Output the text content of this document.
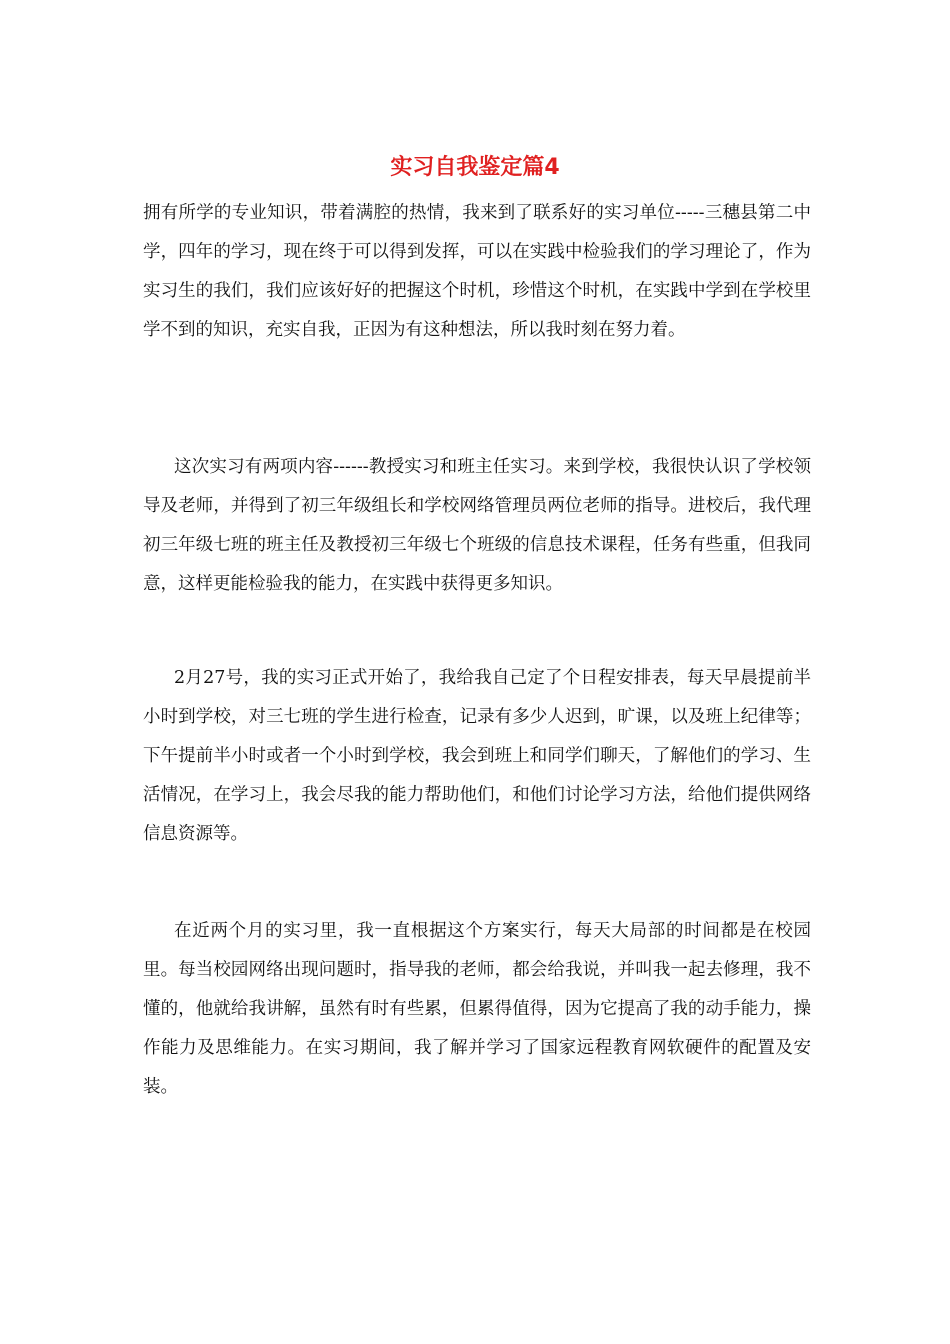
实习自我鉴定篇4

拥有所学的专业知识，带着满腔的热情，我来到了联系好的实习单位-----三穗县第二中学，四年的学习，现在终于可以得到发挥，可以在实践中检验我们的学习理论了，作为实习生的我们，我们应该好好的把握这个时机，珍惜这个时机，在实践中学到在学校里学不到的知识，充实自我，正因为有这种想法，所以我时刻在努力着。

这次实习有两项内容------教授实习和班主任实习。来到学校，我很快认识了学校领导及老师，并得到了初三年级组长和学校网络管理员两位老师的指导。进校后，我代理初三年级七班的班主任及教授初三年级七个班级的信息技术课程，任务有些重，但我同意，这样更能检验我的能力，在实践中获得更多知识。

2月27号，我的实习正式开始了，我给我自己定了个日程安排表，每天早晨提前半小时到学校，对三七班的学生进行检查，记录有多少人迟到，旷课，以及班上纪律等；下午提前半小时或者一个小时到学校，我会到班上和同学们聊天，了解他们的学习、生活情况，在学习上，我会尽我的能力帮助他们，和他们讨论学习方法，给他们提供网络信息资源等。

在近两个月的实习里，我一直根据这个方案实行，每天大局部的时间都是在校园里。每当校园网络出现问题时，指导我的老师，都会给我说，并叫我一起去修理，我不懂的，他就给我讲解，虽然有时有些累，但累得值得，因为它提高了我的动手能力，操作能力及思维能力。在实习期间，我了解并学习了国家远程教育网软硬件的配置及安装。
